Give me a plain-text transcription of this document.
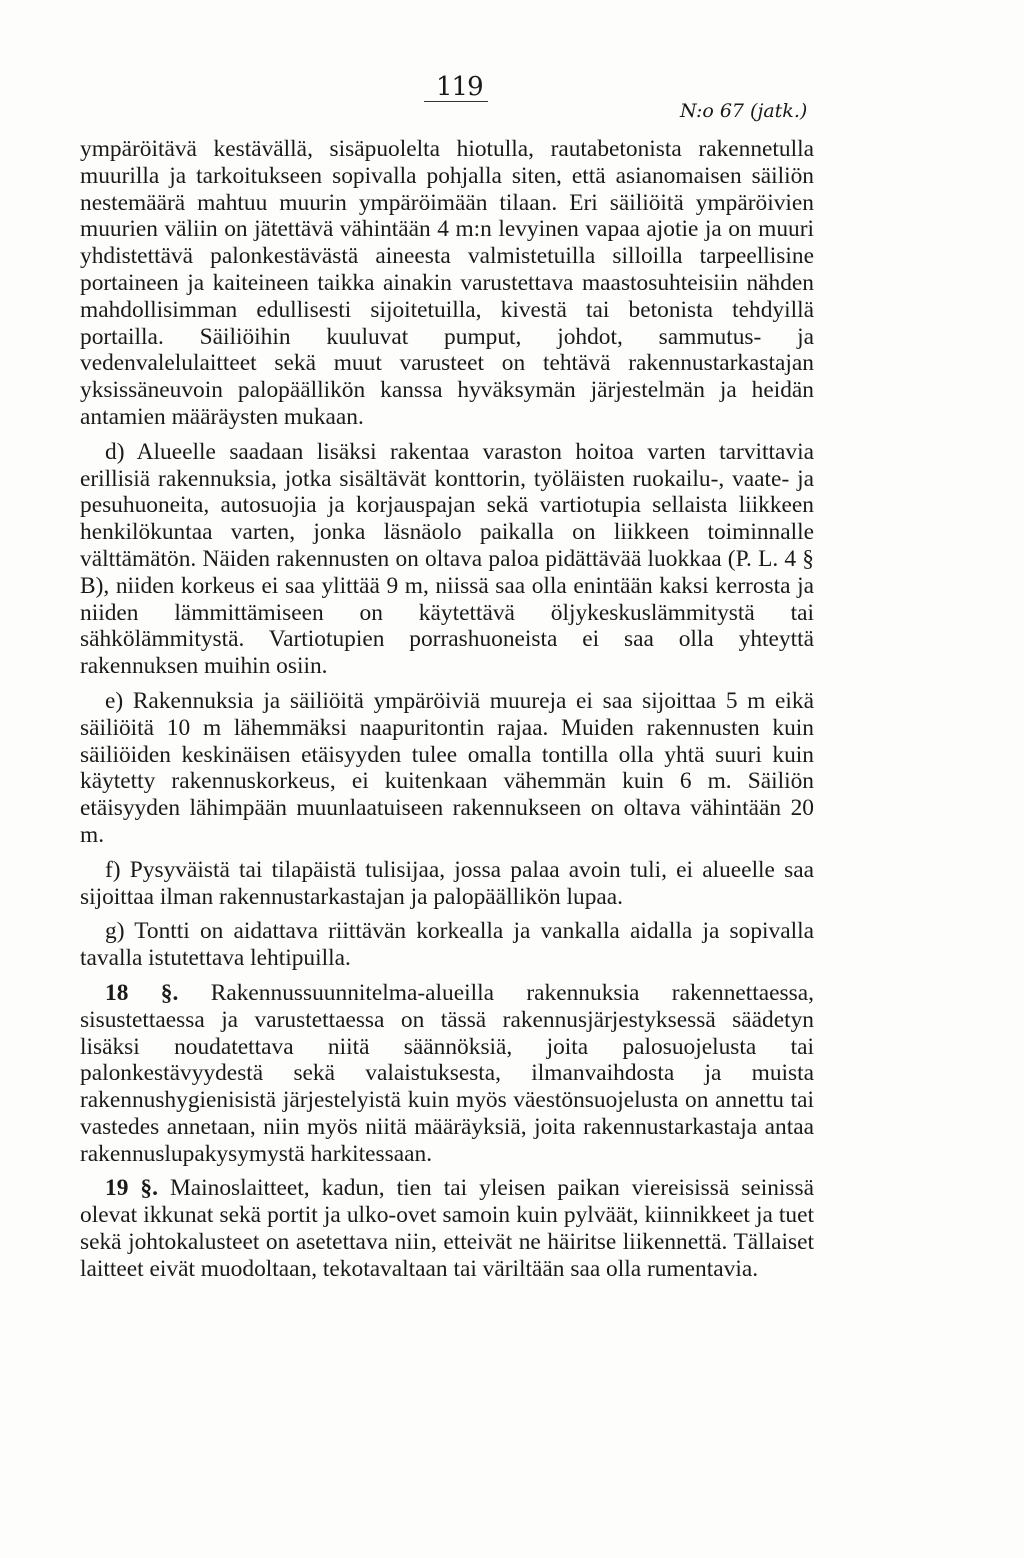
119
N:o 67 (jatk.)

ympäröitävä kestävällä, sisäpuolelta hiotulla, rautabetonista rakennetulla muurilla ja tarkoitukseen sopivalla pohjalla siten, että asianomaisen säiliön nestemäärä mahtuu muurin ympäröimään tilaan. Eri säiliöitä ympäröivien muurien väliin on jätettävä vähintään 4 m:n levyinen vapaa ajotie ja on muuri yhdistettävä palonkestävästä aineesta valmistetuilla silloilla tarpeellisine portaineen ja kaiteineen taikka ainakin varustettava maastosuhteisiin nähden mahdollisimman edullisesti sijoitetuilla, kivestä tai betonista tehdyillä portailla. Säiliöihin kuuluvat pumput, johdot, sammutus- ja vedenvalelulaitteet sekä muut varusteet on tehtävä rakennustarkastajan yksissäneuvoin palopäällikön kanssa hyväksymän järjestelmän ja heidän antamien määräysten mukaan.

d) Alueelle saadaan lisäksi rakentaa varaston hoitoa varten tarvittavia erillisiä rakennuksia, jotka sisältävät konttorin, työläisten ruokailu-, vaate- ja pesuhuoneita, autosuojia ja korjauspajan sekä vartiotupia sellaista liikkeen henkilökuntaa varten, jonka läsnäolo paikalla on liikkeen toiminnalle välttämätön. Näiden rakennusten on oltava paloa pidättävää luokkaa (P. L. 4 § B), niiden korkeus ei saa ylittää 9 m, niissä saa olla enintään kaksi kerrosta ja niiden lämmittämiseen on käytettävä öljykeskuslämmitystä tai sähkölämmitystä. Vartiotupien porrashuoneista ei saa olla yhteyttä rakennuksen muihin osiin.

e) Rakennuksia ja säiliöitä ympäröiviä muureja ei saa sijoittaa 5 m eikä säiliöitä 10 m lähemmäksi naapuritontin rajaa. Muiden rakennusten kuin säiliöiden keskinäisen etäisyyden tulee omalla tontilla olla yhtä suuri kuin käytetty rakennuskorkeus, ei kuitenkaan vähemmän kuin 6 m. Säiliön etäisyyden lähimpään muunlaatuiseen rakennukseen on oltava vähintään 20 m.

f) Pysyväistä tai tilapäistä tulisijaa, jossa palaa avoin tuli, ei alueelle saa sijoittaa ilman rakennustarkastajan ja palopäällikön lupaa.

g) Tontti on aidattava riittävän korkealla ja vankalla aidalla ja sopivalla tavalla istutettava lehtipuilla.

18 §. Rakennussuunnitelma-alueilla rakennuksia rakennettaessa, sisustettaessa ja varustettaessa on tässä rakennusjärjestyksessä säädetyn lisäksi noudatettava niitä säännöksiä, joita palosuojelusta tai palonkestävyydestä sekä valaistuksesta, ilmanvaihdosta ja muista rakennushygienisistä järjestelyistä kuin myös väestönsuojelusta on annettu tai vastedes annetaan, niin myös niitä määräyksiä, joita rakennustarkastaja antaa rakennuslupakysymystä harkitessaan.

19 §. Mainoslaitteet, kadun, tien tai yleisen paikan viereisissä seinissä olevat ikkunat sekä portit ja ulko-ovet samoin kuin pylväät, kiinnikkeet ja tuet sekä johtokalusteet on asetettava niin, etteivät ne häiritse liikennettä. Tällaiset laitteet eivät muodoltaan, tekotavaltaan tai väriltään saa olla rumentavia.
